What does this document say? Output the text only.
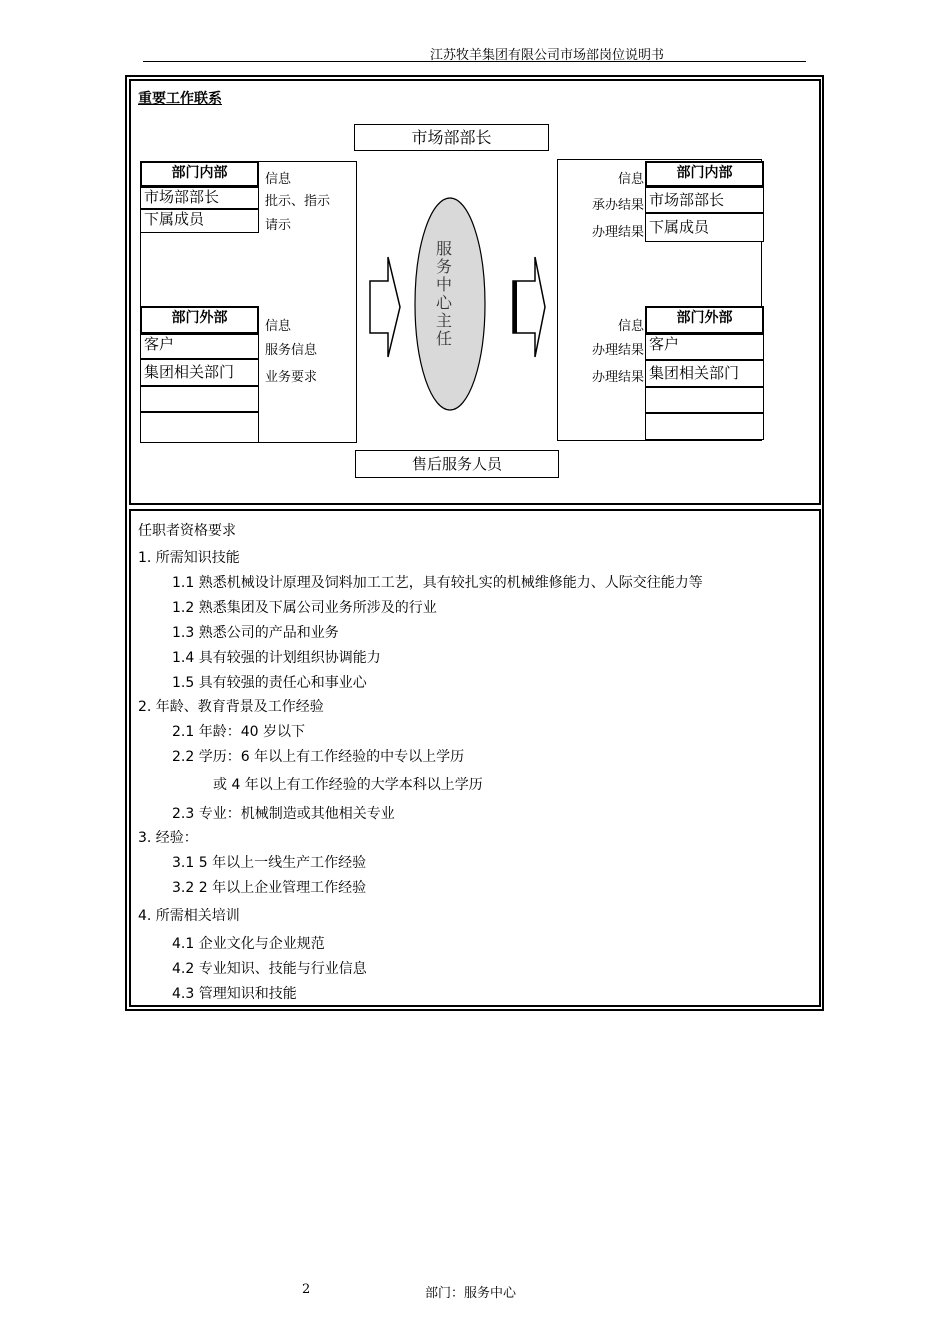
江苏牧羊集团有限公司市场部岗位说明书
重要工作联系
市场部部长
部门内部
市场部部长
下属成员
信息
批示、指示
请示
部门外部
客户
集团相关部门
信息
服务信息
业务要求
服务中心主任
部门内部
市场部部长
下属成员
信息
承办结果
办理结果
部门外部
客户
集团相关部门
信息
办理结果
办理结果
售后服务人员
任职者资格要求
1. 所需知识技能
1.1 熟悉机械设计原理及饲料加工工艺，具有较扎实的机械维修能力、人际交往能力等
1.2 熟悉集团及下属公司业务所涉及的行业
1.3 熟悉公司的产品和业务
1.4 具有较强的计划组织协调能力
1.5 具有较强的责任心和事业心
2. 年龄、教育背景及工作经验
2.1 年龄：40 岁以下
2.2 学历：6 年以上有工作经验的中专以上学历
或 4 年以上有工作经验的大学本科以上学历
2.3 专业：机械制造或其他相关专业
3. 经验：
3.1 5 年以上一线生产工作经验
3.2 2 年以上企业管理工作经验
4. 所需相关培训
4.1 企业文化与企业规范
4.2 专业知识、技能与行业信息
4.3 管理知识和技能
2	部门：服务中心
